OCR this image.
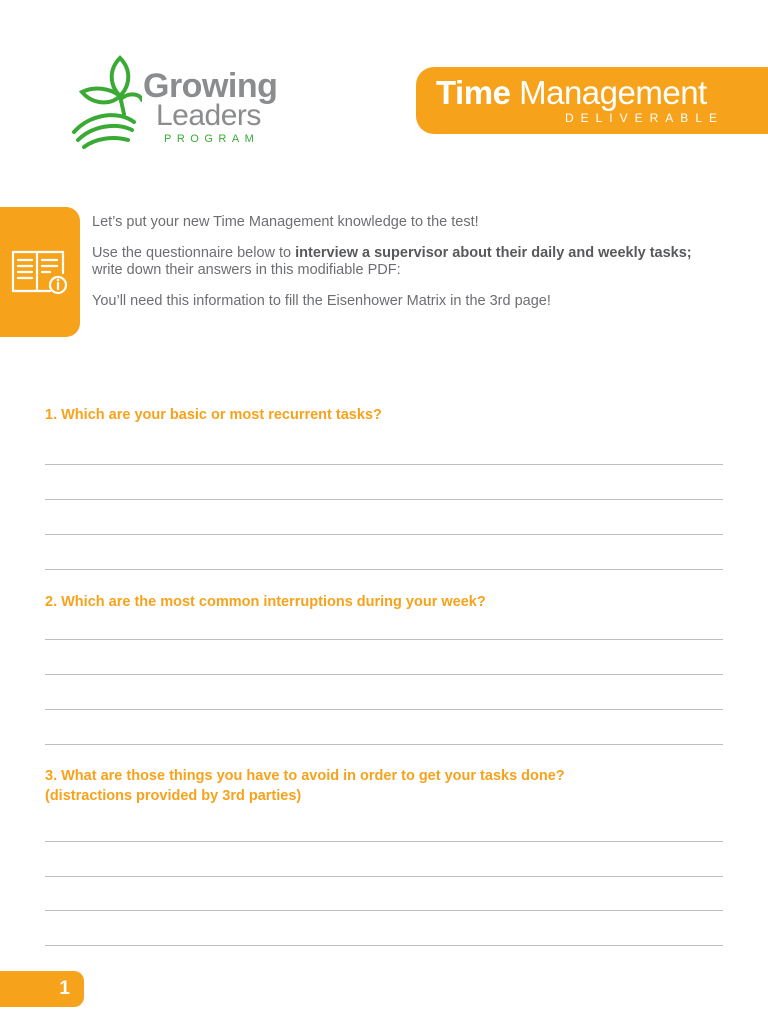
Growing
Leaders
PROGRAM
Time Management
DELIVERABLE

Let’s put your new Time Management knowledge to the test!

Use the questionnaire below to interview a supervisor about their daily and weekly tasks; write down their answers in this modifiable PDF:

You’ll need this information to fill the Eisenhower Matrix in the 3rd page!

1. Which are your basic or most recurrent tasks?
2. Which are the most common interruptions during your week?
3. What are those things you have to avoid in order to get your tasks done?
(distractions provided by 3rd parties)
1
